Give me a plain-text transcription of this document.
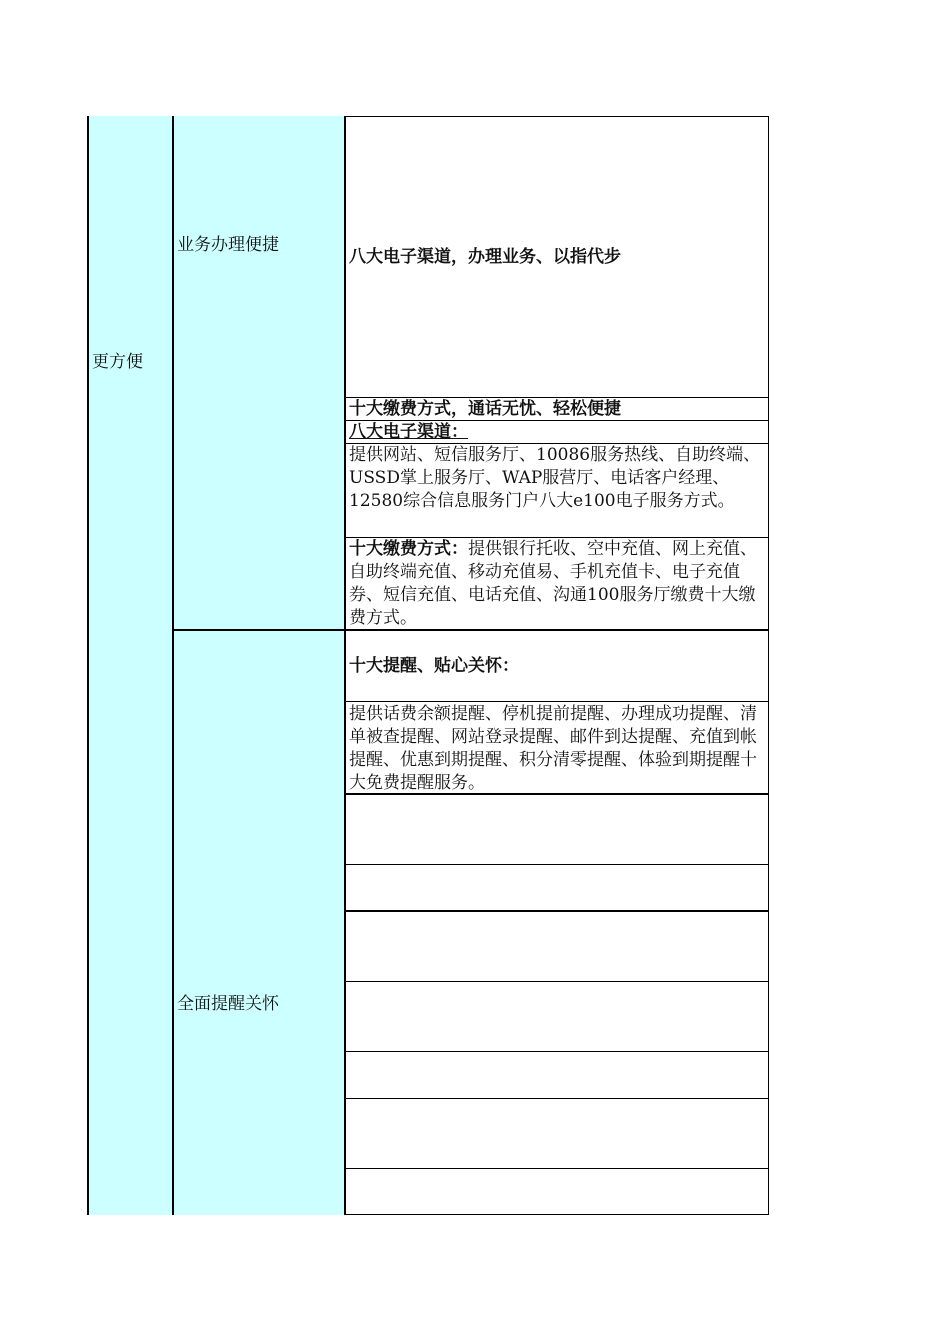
更方便
业务办理便捷
全面提醒关怀
八大电子渠道，办理业务、以指代步
十大缴费方式，通话无忧、轻松便捷
八大电子渠道：
提供网站、短信服务厅、10086服务热线、自助终端、USSD掌上服务厅、WAP服营厅、电话客户经理、12580综合信息服务门户八大e100电子服务方式。
十大缴费方式：提供银行托收、空中充值、网上充值、自助终端充值、移动充值易、手机充值卡、电子充值券、短信充值、电话充值、沟通100服务厅缴费十大缴费方式。
十大提醒、贴心关怀：
提供话费余额提醒、停机提前提醒、办理成功提醒、清单被查提醒、网站登录提醒、邮件到达提醒、充值到帐提醒、优惠到期提醒、积分清零提醒、体验到期提醒十大免费提醒服务。
